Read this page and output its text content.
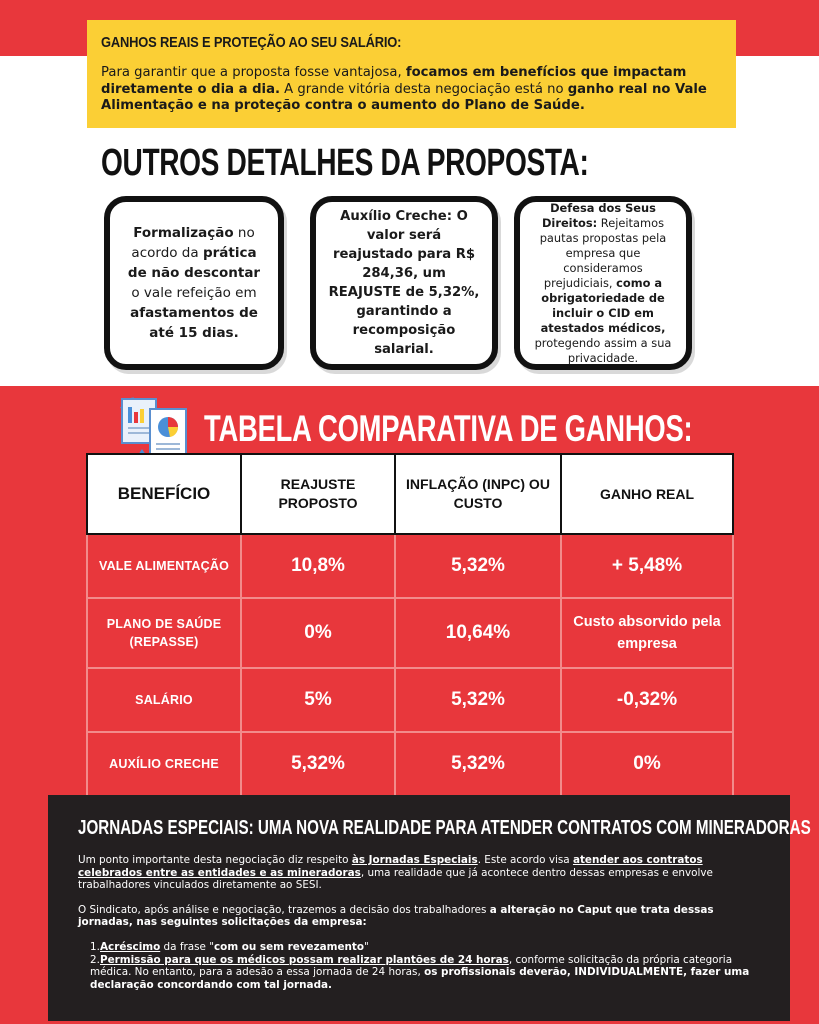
GANHOS REAIS E PROTEÇÃO AO SEU SALÁRIO:
Para garantir que a proposta fosse vantajosa, focamos em benefícios que impactam diretamente o dia a dia. A grande vitória desta negociação está no ganho real no Vale Alimentação e na proteção contra o aumento do Plano de Saúde.
OUTROS DETALHES DA PROPOSTA:
Formalização no acordo da prática de não descontar o vale refeição em afastamentos de até 15 dias.
Auxílio Creche: O valor será reajustado para R$ 284,36, um REAJUSTE de 5,32%, garantindo a recomposição salarial.
Defesa dos Seus Direitos: Rejeitamos pautas propostas pela empresa que consideramos prejudiciais, como a obrigatoriedade de incluir o CID em atestados médicos, protegendo assim a sua privacidade.
TABELA COMPARATIVA DE GANHOS:
BENEFÍCIO	REAJUSTE PROPOSTO	INFLAÇÃO (INPC) OU CUSTO	GANHO REAL
VALE ALIMENTAÇÃO	10,8%	5,32%	+ 5,48%
PLANO DE SAÚDE (REPASSE)	0%	10,64%	Custo absorvido pela empresa
SALÁRIO	5%	5,32%	-0,32%
AUXÍLIO CRECHE	5,32%	5,32%	0%
JORNADAS ESPECIAIS: UMA NOVA REALIDADE PARA ATENDER CONTRATOS COM MINERADORAS

Um ponto importante desta negociação diz respeito às Jornadas Especiais. Este acordo visa atender aos contratos celebrados entre as entidades e as mineradoras, uma realidade que já acontece dentro dessas empresas e envolve trabalhadores vinculados diretamente ao SESI.

O Sindicato, após análise e negociação, trazemos a decisão dos trabalhadores a alteração no Caput que trata dessas jornadas, nas seguintes solicitações da empresa:

1.Acréscimo da frase "com ou sem revezamento"
2.Permissão para que os médicos possam realizar plantões de 24 horas, conforme solicitação da própria categoria médica. No entanto, para a adesão a essa jornada de 24 horas, os profissionais deverão, INDIVIDUALMENTE, fazer uma declaração concordando com tal jornada.
